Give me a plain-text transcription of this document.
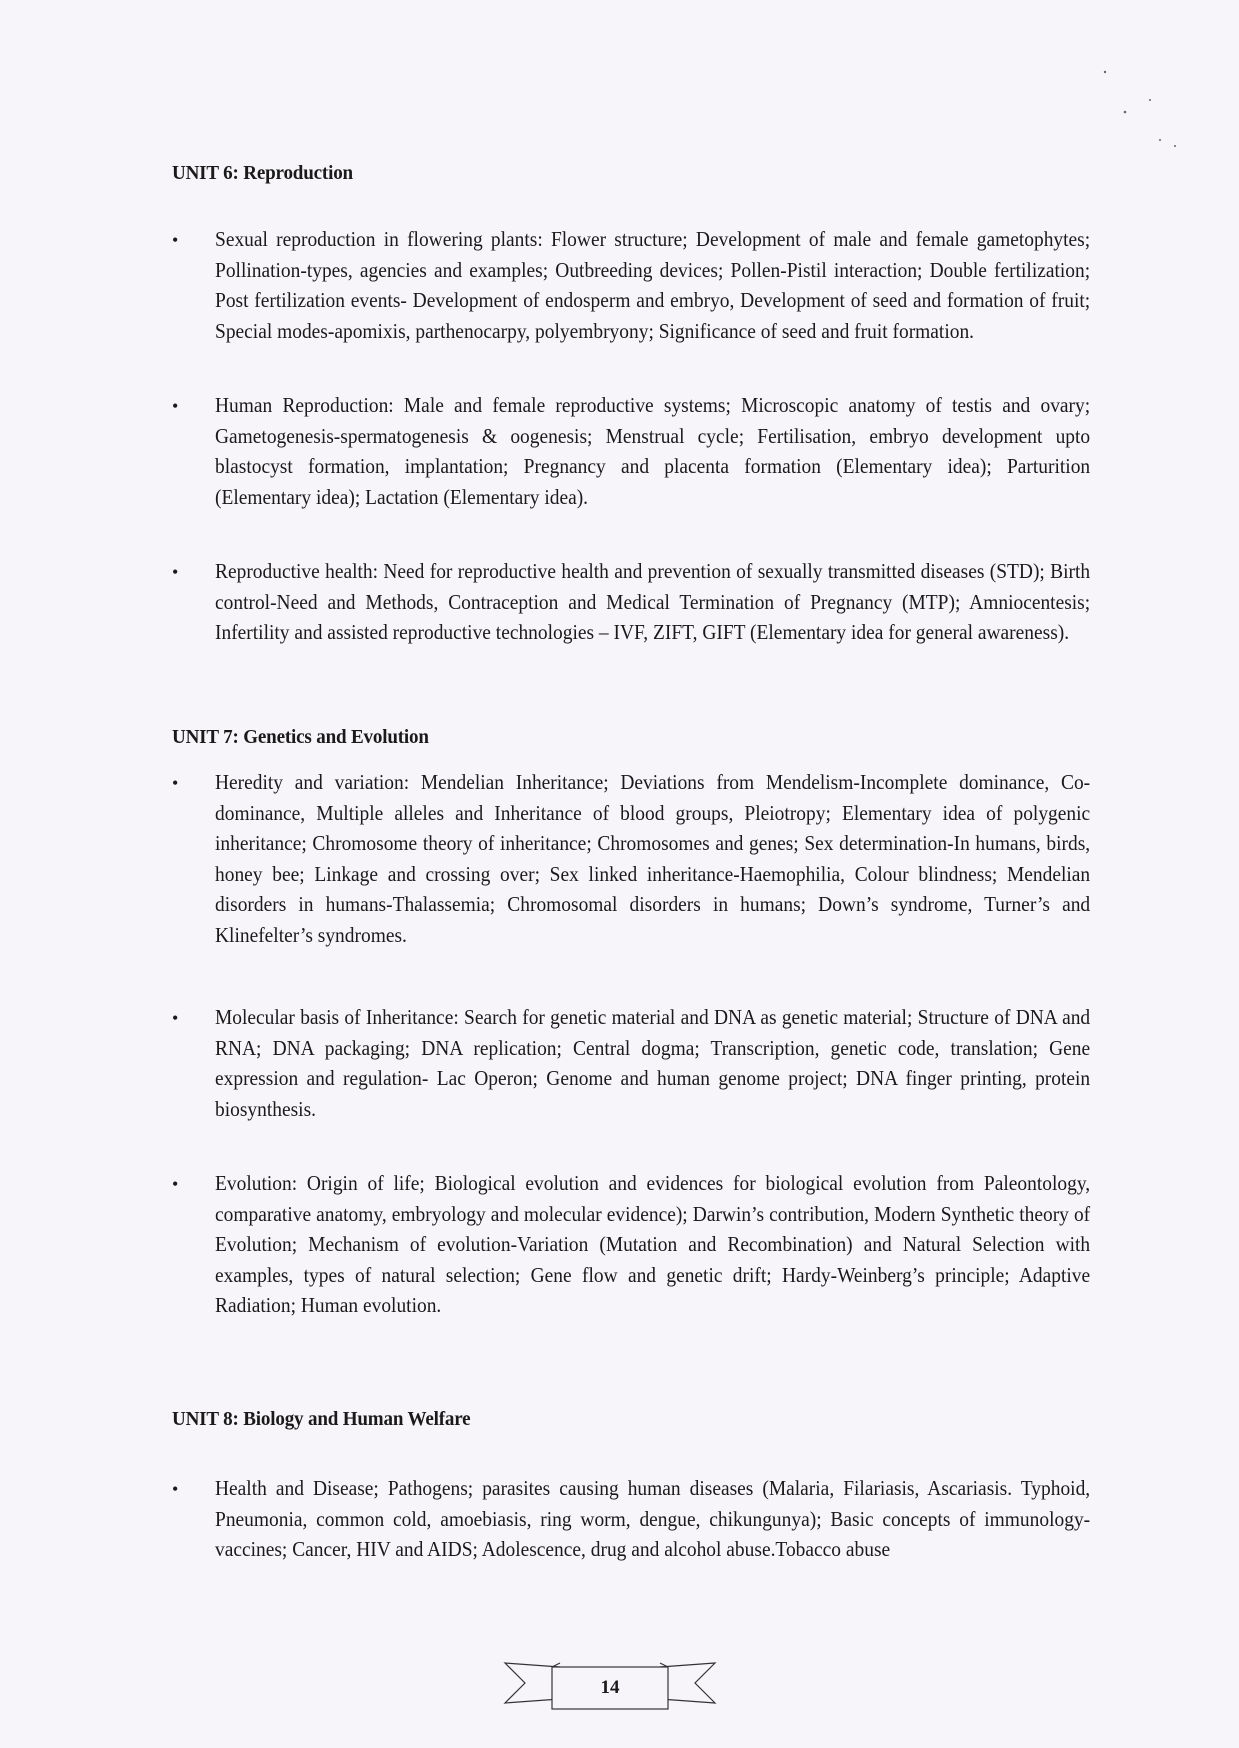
UNIT 6: Reproduction
•	Sexual reproduction in flowering plants: Flower structure; Development of male and female gametophytes; Pollination-types, agencies and examples; Outbreeding devices; Pollen-Pistil interaction; Double fertilization; Post fertilization events- Development of endosperm and embryo, Development of seed and formation of fruit; Special modes-apomixis, parthenocarpy, polyembryony; Significance of seed and fruit formation.
•	Human Reproduction: Male and female reproductive systems; Microscopic anatomy of testis and ovary; Gametogenesis-spermatogenesis & oogenesis; Menstrual cycle; Fertilisation, embryo development upto blastocyst formation, implantation; Pregnancy and placenta formation (Elementary idea); Parturition (Elementary idea); Lactation (Elementary idea).
•	Reproductive health: Need for reproductive health and prevention of sexually transmitted diseases (STD); Birth control-Need and Methods, Contraception and Medical Termination of Pregnancy (MTP); Amniocentesis; Infertility and assisted reproductive technologies – IVF, ZIFT, GIFT (Elementary idea for general awareness).
UNIT 7: Genetics and Evolution
•	Heredity and variation: Mendelian Inheritance; Deviations from Mendelism-Incomplete dominance, Co-dominance, Multiple alleles and Inheritance of blood groups, Pleiotropy; Elementary idea of polygenic inheritance; Chromosome theory of inheritance; Chromosomes and genes; Sex determination-In humans, birds, honey bee; Linkage and crossing over; Sex linked inheritance-Haemophilia, Colour blindness; Mendelian disorders in humans-Thalassemia; Chromosomal disorders in humans; Down’s syndrome, Turner’s and Klinefelter’s syndromes.
•	Molecular basis of Inheritance: Search for genetic material and DNA as genetic material; Structure of DNA and RNA; DNA packaging; DNA replication; Central dogma; Transcription, genetic code, translation; Gene expression and regulation- Lac Operon; Genome and human genome project; DNA finger printing, protein biosynthesis.
•	Evolution: Origin of life; Biological evolution and evidences for biological evolution from Paleontology, comparative anatomy, embryology and molecular evidence); Darwin’s contribution, Modern Synthetic theory of Evolution; Mechanism of evolution-Variation (Mutation and Recombination) and Natural Selection with examples, types of natural selection; Gene flow and genetic drift; Hardy-Weinberg’s principle; Adaptive Radiation; Human evolution.
UNIT 8: Biology and Human Welfare
•	Health and Disease; Pathogens; parasites causing human diseases (Malaria, Filariasis, Ascariasis. Typhoid, Pneumonia, common cold, amoebiasis, ring worm, dengue, chikungunya); Basic concepts of immunology-vaccines; Cancer, HIV and AIDS; Adolescence, drug and alcohol abuse.Tobacco abuse
14
